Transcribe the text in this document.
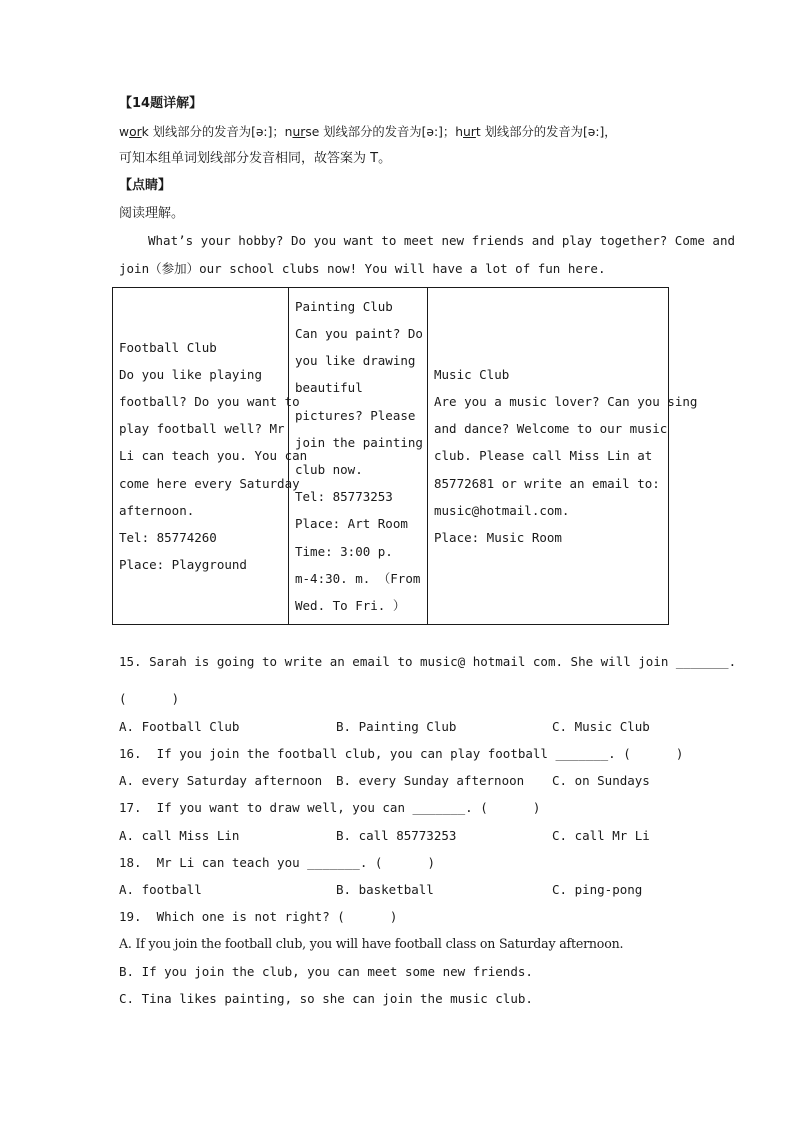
【14题详解】
work 划线部分的发音为[ə:]；nurse 划线部分的发音为[ə:]；hurt 划线部分的发音为[ə:]，
可知本组单词划线部分发音相同，故答案为 T。
【点睛】
阅读理解。
What’s your hobby? Do you want to meet new friends and play together? Come and
join（参加）our school clubs now! You will have a lot of fun here.
Football Club
Do you like playing
football? Do you want to
play football well? Mr
Li can teach you. You can
come here every Saturday
afternoon.
Tel: 85774260
Place: Playground

Painting Club
Can you paint? Do
you like drawing
beautiful
pictures? Please
join the painting
club now.
Tel: 85773253
Place: Art Room
Time: 3:00 p.
m-4:30. m. （From
Wed. To Fri. ）

Music Club
Are you a music lover? Can you sing
and dance? Welcome to our music
club. Please call Miss Lin at
85772681 or write an email to:
music@hotmail.com.
Place: Music Room
15. Sarah is going to write an email to music@ hotmail com. She will join _______.
(      )
A. Football Club	B. Painting Club	C. Music Club
16.  If you join the football club, you can play football _______. (      )
A. every Saturday afternoon B. every Sunday afternoon C. on Sundays
17.  If you want to draw well, you can _______. (      )
A. call Miss Lin	B. call 85773253	C. call Mr Li
18.  Mr Li can teach you _______. (      )
A. football	B. basketball	C. ping-pong
19.  Which one is not right? (      )
A. If you join the football club, you will have football class on Saturday afternoon.
B. If you join the club, you can meet some new friends.
C. Tina likes painting, so she can join the music club.
